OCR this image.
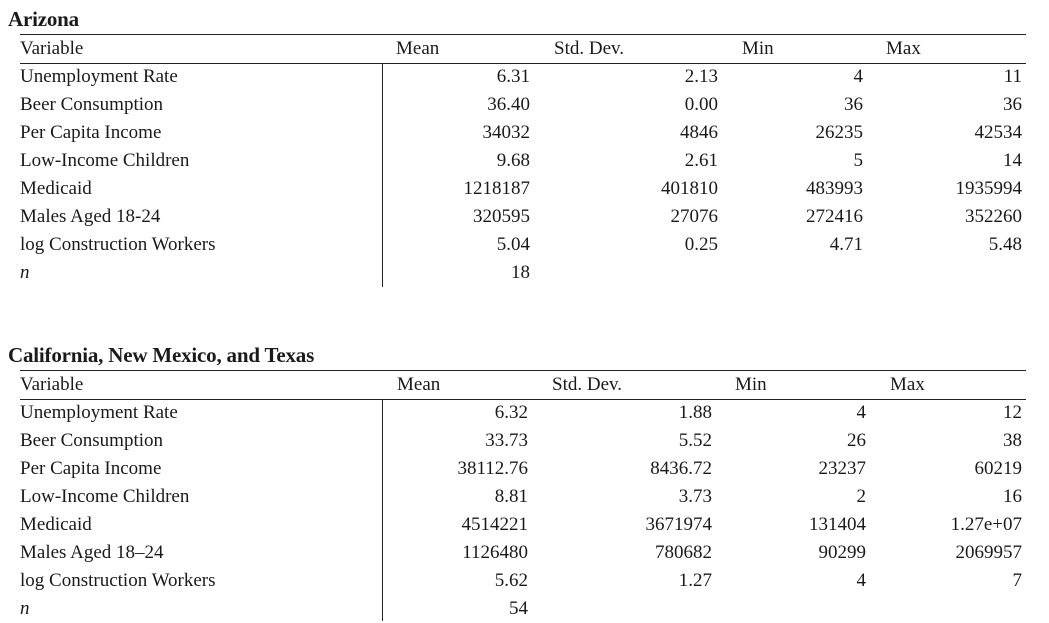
Arizona
Variable	Mean	Std. Dev.	Min	Max
Unemployment Rate	6.31	2.13	4	11
Beer Consumption	36.40	0.00	36	36
Per Capita Income	34032	4846	26235	42534
Low-Income Children	9.68	2.61	5	14
Medicaid	1218187	401810	483993	1935994
Males Aged 18-24	320595	27076	272416	352260
log Construction Workers	5.04	0.25	4.71	5.48
n	18
California, New Mexico, and Texas
Variable	Mean	Std. Dev.	Min	Max
Unemployment Rate	6.32	1.88	4	12
Beer Consumption	33.73	5.52	26	38
Per Capita Income	38112.76	8436.72	23237	60219
Low-Income Children	8.81	3.73	2	16
Medicaid	4514221	3671974	131404	1.27e+07
Males Aged 18–24	1126480	780682	90299	2069957
log Construction Workers	5.62	1.27	4	7
n	54
